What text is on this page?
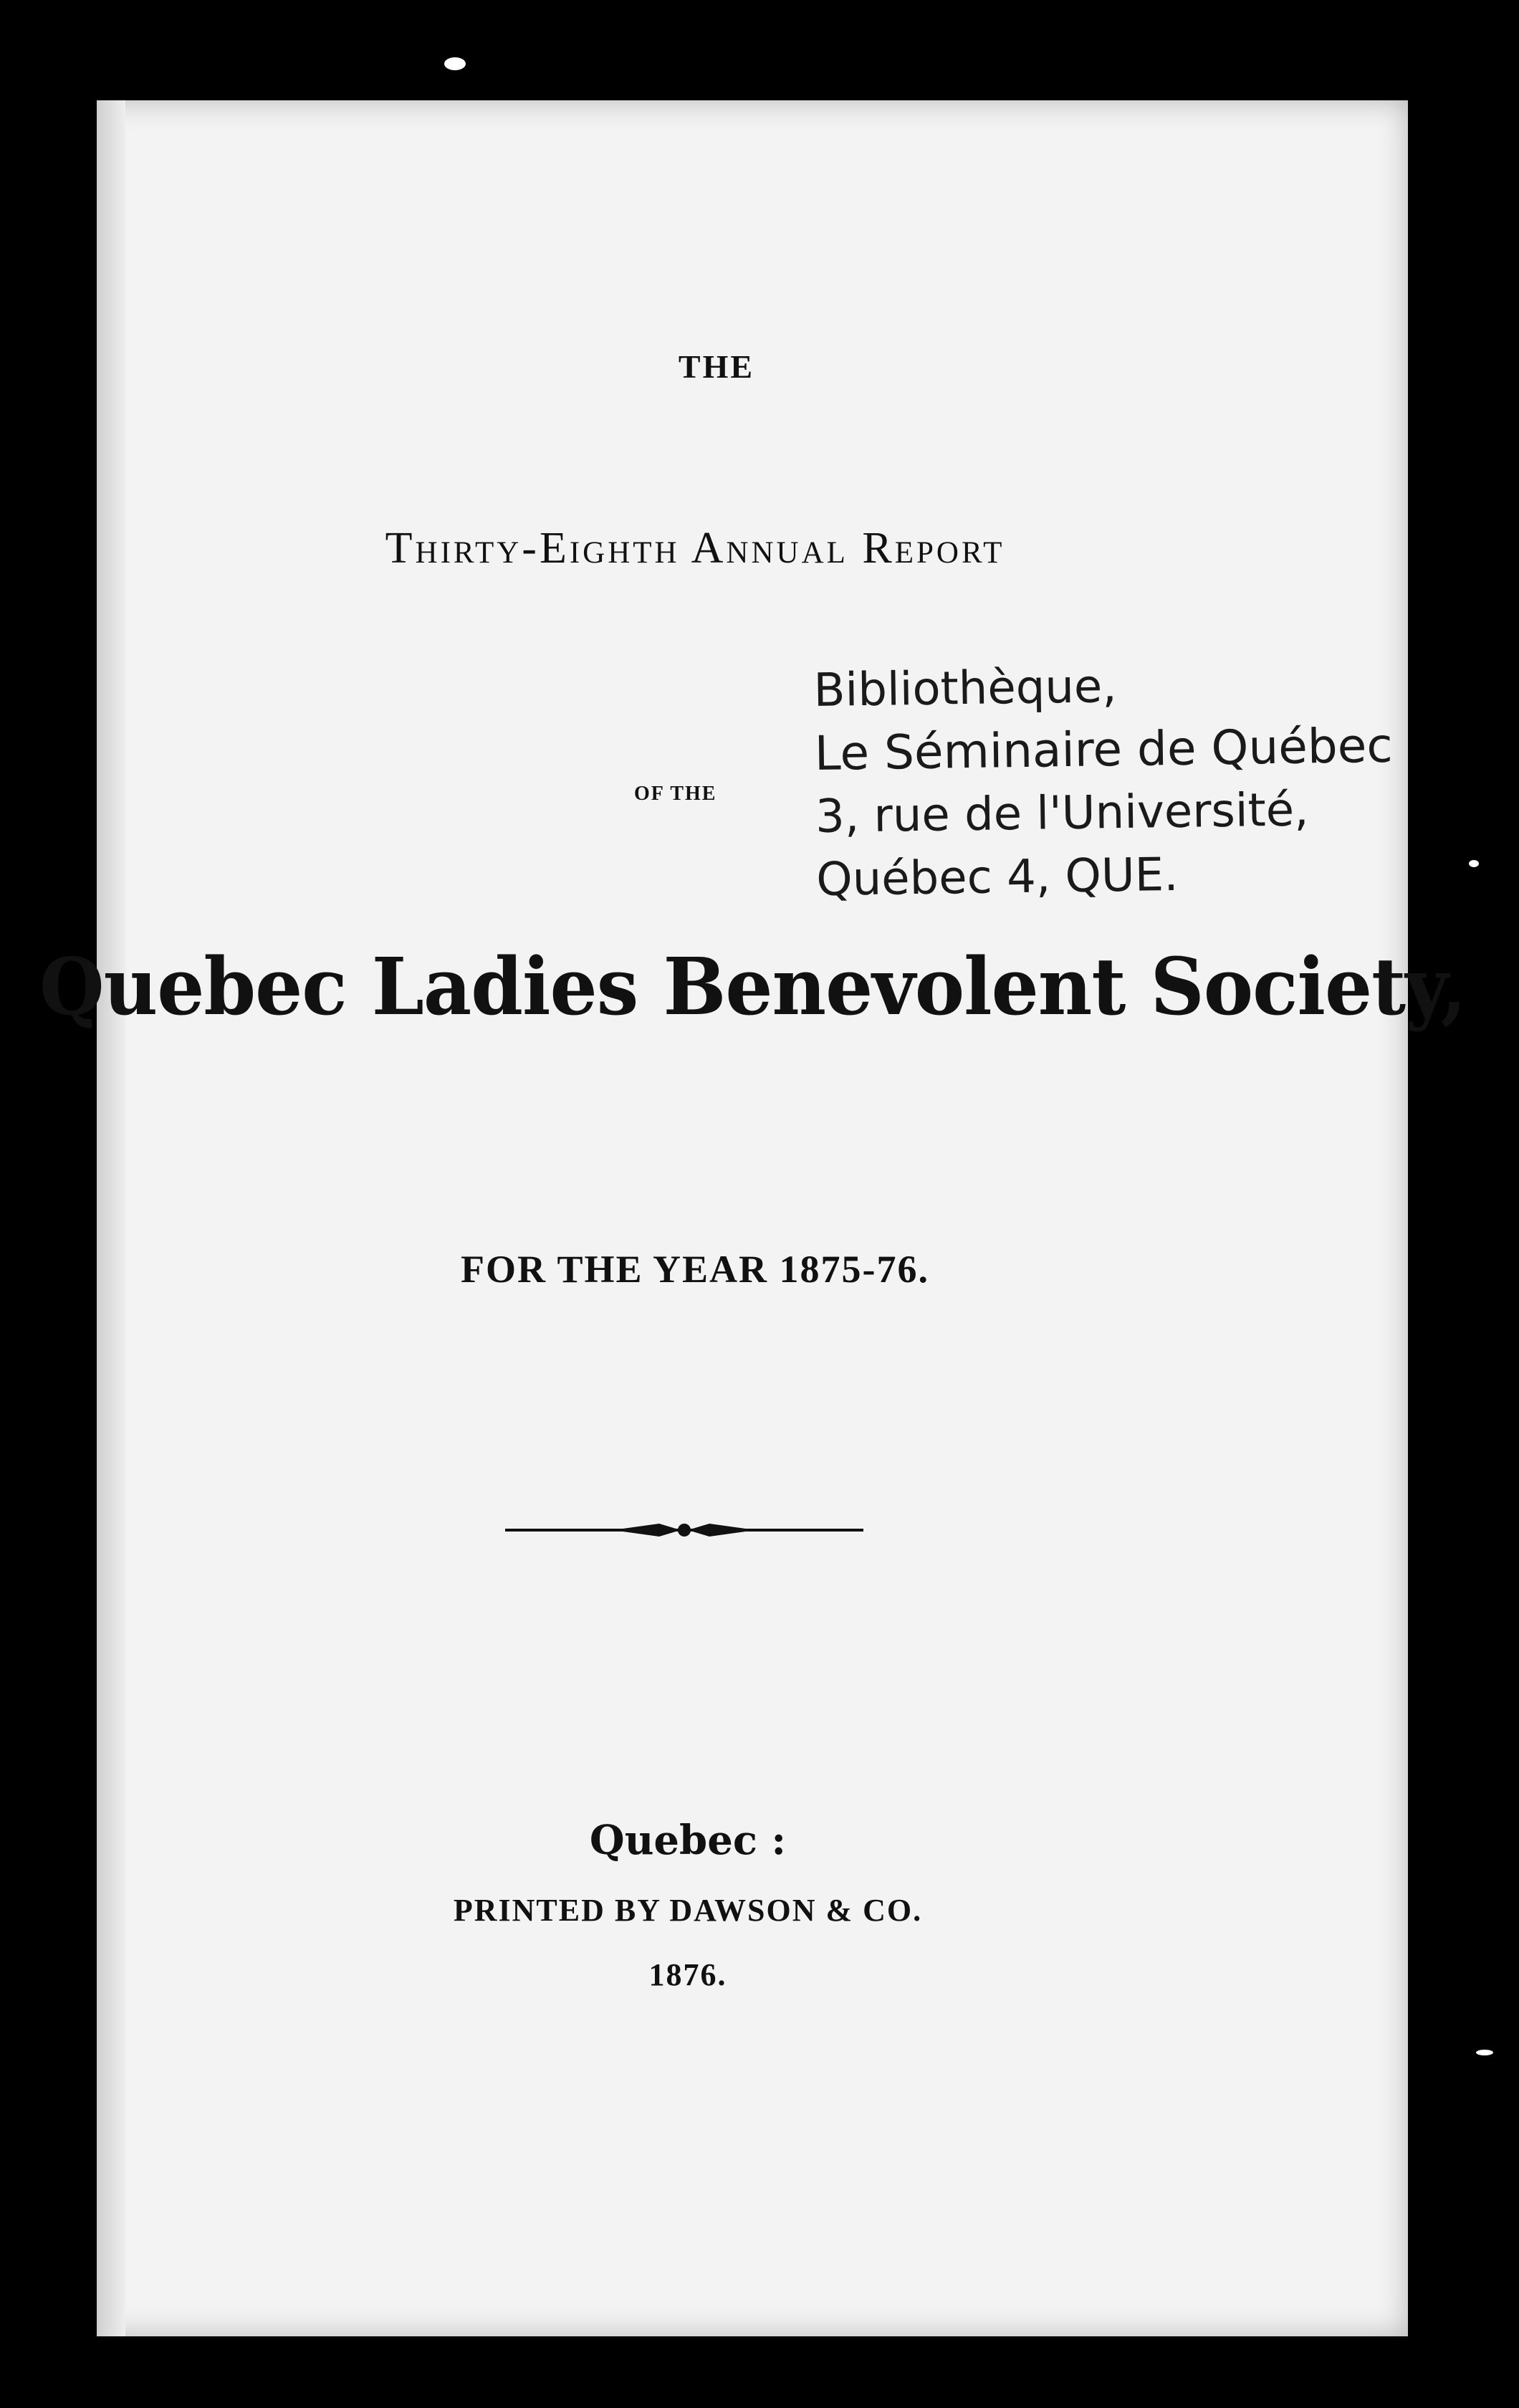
THE

Thirty-Eighth Annual Report

OF THE

Bibliothèque,
Le Séminaire de Québec
3, rue de l'Université,
Québec 4, QUE.

Quebec Ladies Benevolent Society,

FOR THE YEAR 1875-76.

Quebec :

PRINTED BY DAWSON & CO.

1876.
